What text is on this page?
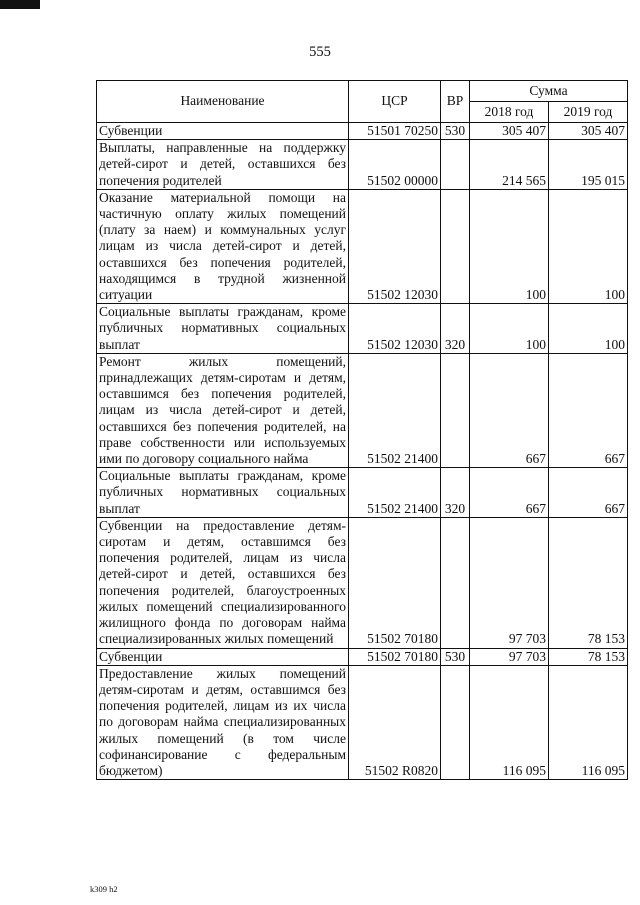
555
Наименование	ЦСР	ВР	Сумма	
			2018 год	2019 год
Субвенции	51501 70250	530	305 407	305 407
Выплаты, направленные на поддержку детей-сирот и детей, оставшихся без попечения родителей	51502 00000		214 565	195 015
Оказание материальной помощи на частичную оплату жилых помещений (плату за наем) и коммунальных услуг лицам из числа детей-сирот и детей, оставшихся без попечения родителей, находящимся в трудной жизненной ситуации	51502 12030		100	100
Социальные выплаты гражданам, кроме публичных нормативных социальных выплат	51502 12030	320	100	100
Ремонт жилых помещений, принадлежащих детям-сиротам и детям, оставшимся без попечения родителей, лицам из числа детей-сирот и детей, оставшихся без попечения родителей, на праве собственности или используемых ими по договору социального найма	51502 21400		667	667
Социальные выплаты гражданам, кроме публичных нормативных социальных выплат	51502 21400	320	667	667
Субвенции на предоставление детям-сиротам и детям, оставшимся без попечения родителей, лицам из числа детей-сирот и детей, оставшихся без попечения родителей, благоустроенных жилых помещений специализированного жилищного фонда по договорам найма специализированных жилых помещений	51502 70180		97 703	78 153
Субвенции	51502 70180	530	97 703	78 153
Предоставление жилых помещений детям-сиротам и детям, оставшимся без попечения родителей, лицам из их числа по договорам найма специализированных жилых помещений (в том числе софинансирование с федеральным бюджетом)	51502 R0820		116 095	116 095
k309 h2
